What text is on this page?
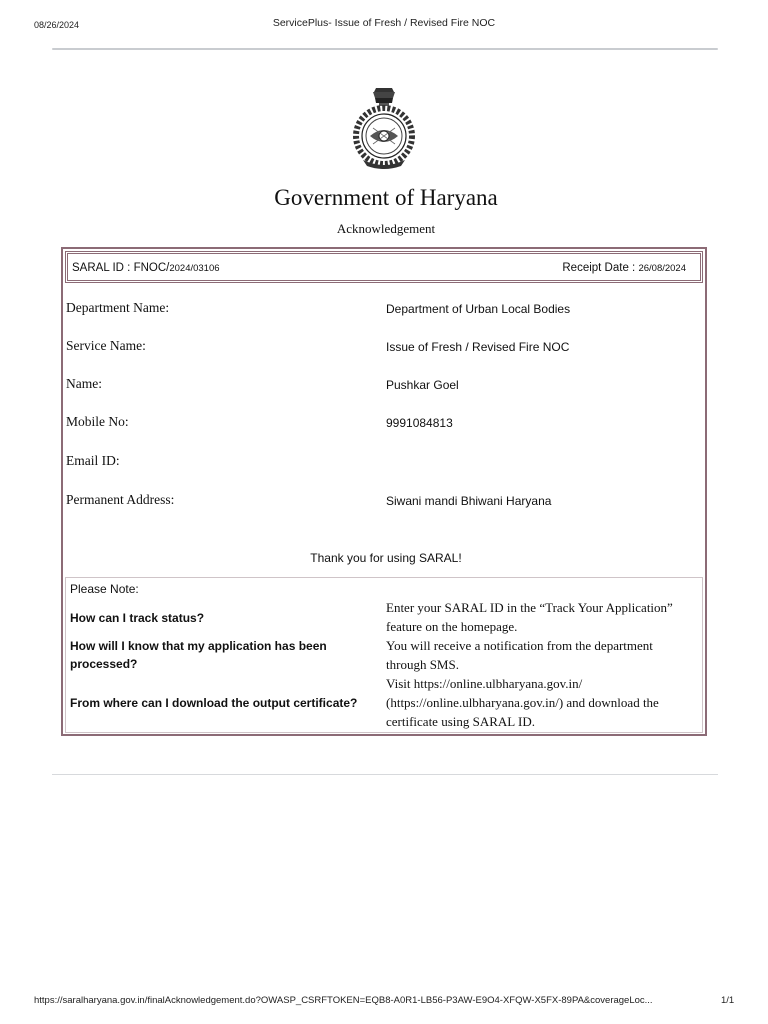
08/26/2024	ServicePlus- Issue of Fresh / Revised Fire NOC
Government of Haryana
Acknowledgement
SARAL ID : FNOC/2024/03106	Receipt Date : 26/08/2024
Department Name:	Department of Urban Local Bodies
Service Name:	Issue of Fresh / Revised Fire NOC
Name:	Pushkar Goel
Mobile No:	9991084813
Email ID:
Permanent Address:	Siwani mandi Bhiwani Haryana
Thank you for using SARAL!
Please Note:
How can I track status?
Enter your SARAL ID in the “Track Your Application” feature on the homepage.
How will I know that my application has been processed?
You will receive a notification from the department through SMS.
From where can I download the output certificate?
Visit https://online.ulbharyana.gov.in/ (https://online.ulbharyana.gov.in/) and download the certificate using SARAL ID.
https://saralharyana.gov.in/finalAcknowledgement.do?OWASP_CSRFTOKEN=EQB8-A0R1-LB56-P3AW-E9O4-XFQW-X5FX-89PA&coverageLoc...	1/1
